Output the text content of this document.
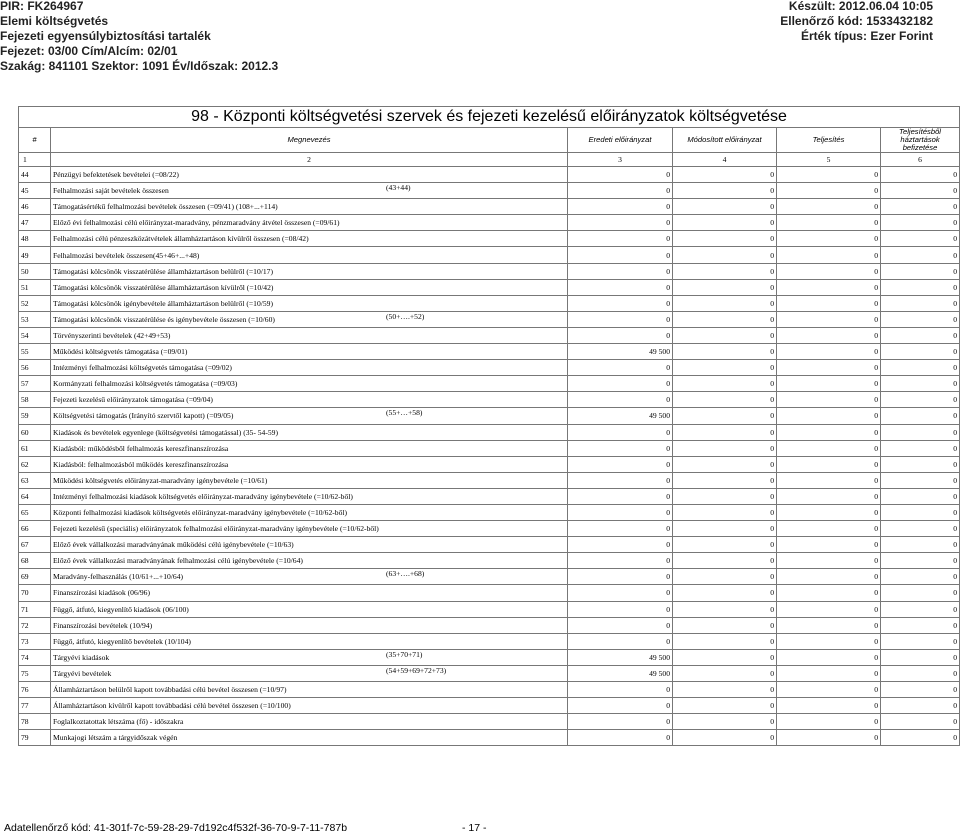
PIR: FK264967
Elemi költségvetés
Fejezeti egyensúlybiztosítási tartalék
Fejezet: 03/00 Cím/Alcím: 02/01
Szakág: 841101 Szektor: 1091 Év/Időszak: 2012.3
Készült: 2012.06.04 10:05
Ellenőrző kód: 1533432182
Érték típus: Ezer Forint
98 - Központi költségvetési szervek és fejezeti kezelésű előirányzatok költségvetése					
#	Megnevezés	Eredeti előirányzat	Módosított előirányzat	Teljesítés	Teljesítésből háztartások befizetése
1	2	3	4	5	6
44	Pénzügyi befektetések bevételei (=08/22)	0	0	0	0
45	Felhalmozási saját bevételek összesen (43+44)	0	0	0	0
46	Támogatásértékű felhalmozási bevételek összesen (=09/41) (108+...+114)	0	0	0	0
47	Előző évi felhalmozási célú előirányzat-maradvány, pénzmaradvány átvétel összesen (=09/61)	0	0	0	0
48	Felhalmozási célú pénzeszközátvételek államháztartáson kívülről összesen (=08/42)	0	0	0	0
49	Felhalmozási bevételek összesen(45+46+...+48)	0	0	0	0
50	Támogatási kölcsönök visszatérülése államháztartáson belülről (=10/17)	0	0	0	0
51	Támogatási kölcsönök visszatérülése államháztartáson kívülről (=10/42)	0	0	0	0
52	Támogatási kölcsönök igénybevétele államháztartáson belülről (=10/59)	0	0	0	0
53	Támogatási kölcsönök visszatérülése és igénybevétele összesen (=10/60) (50+….+52)	0	0	0	0
54	Törvényszerinti bevételek (42+49+53)	0	0	0	0
55	Működési költségvetés támogatása (=09/01)	49 500	0	0	0
56	Intézményi felhalmozási költségvetés támogatása (=09/02)	0	0	0	0
57	Kormányzati felhalmozási költségvetés támogatása (=09/03)	0	0	0	0
58	Fejezeti kezelésű előirányzatok támogatása (=09/04)	0	0	0	0
59	Költségvetési támogatás (Irányító szervtől kapott) (=09/05) (55+…+58)	49 500	0	0	0
60	Kiadások és bevételek egyenlege (költségvetési támogatással) (35- 54-59)	0	0	0	0
61	Kiadásból: működésből felhalmozás kereszfinanszírozása	0	0	0	0
62	Kiadásból: felhalmozásból működés kereszfinanszírozása	0	0	0	0
63	Működési költségvetés előirányzat-maradvány igénybevétele (=10/61)	0	0	0	0
64	Intézményi felhalmozási kiadások költségvetés előirányzat-maradvány igénybevétele (=10/62-ből)	0	0	0	0
65	Központi felhalmozási kiadások költségvetés előirányzat-maradvány igénybevétele (=10/62-ből)	0	0	0	0
66	Fejezeti kezelésű (speciális) előirányzatok felhalmozási előirányzat-maradvány igénybevétele (=10/62-ből)	0	0	0	0
67	Előző évek vállalkozási maradványának működési célú igénybevétele (=10/63)	0	0	0	0
68	Előző évek vállalkozási maradványának felhalmozási célú igénybevétele (=10/64)	0	0	0	0
69	Maradvány-felhasználás (10/61+...+10/64) (63+….+68)	0	0	0	0
70	Finanszírozási kiadások (06/96)	0	0	0	0
71	Függő, átfutó, kiegyenlítő kiadások (06/100)	0	0	0	0
72	Finanszírozási bevételek (10/94)	0	0	0	0
73	Függő, átfutó, kiegyenlítő bevételek (10/104)	0	0	0	0
74	Tárgyévi kiadások (35+70+71)	49 500	0	0	0
75	Tárgyévi bevételek (54+59+69+72+73)	49 500	0	0	0
76	Államháztartáson belülről kapott továbbadási célú bevétel összesen (=10/97)	0	0	0	0
77	Államháztartáson kívülről kapott továbbadási célú bevétel összesen (=10/100)	0	0	0	0
78	Foglalkoztatottak létszáma (fő) - időszakra	0	0	0	0
79	Munkajogi létszám a tárgyidőszak végén	0	0	0	0
Adatellenőrző kód: 41-301f-7c-59-28-29-7d192c4f532f-36-70-9-7-11-787b	- 17 -
